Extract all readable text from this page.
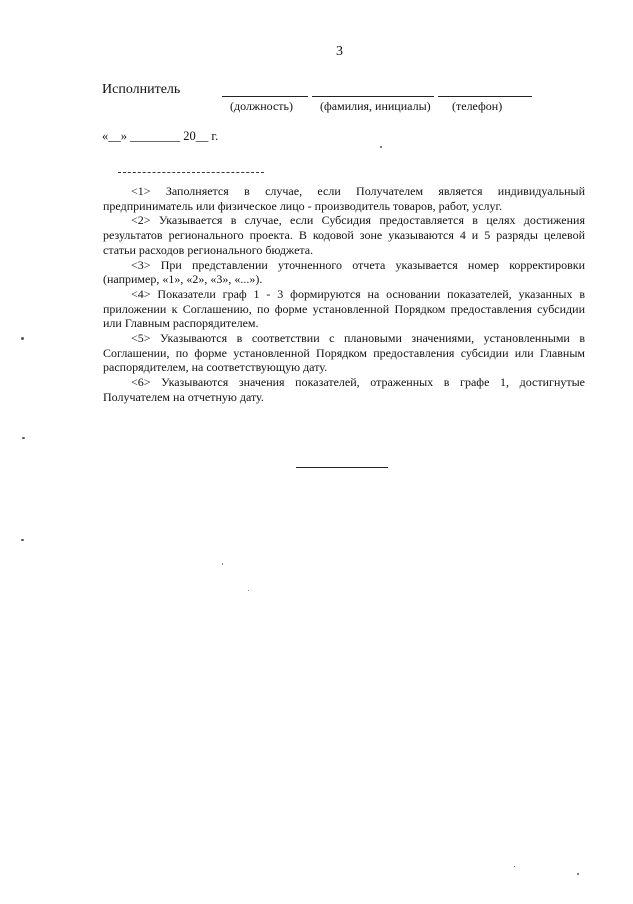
3
Исполнитель
(должность) (фамилия, инициалы) (телефон)
«__» ________ 20__ г.

<1> Заполняется в случае, если Получателем является индивидуальный предприниматель или физическое лицо - производитель товаров, работ, услуг.

<2> Указывается в случае, если Субсидия предоставляется в целях достижения результатов регионального проекта. В кодовой зоне указываются 4 и 5 разряды целевой статьи расходов регионального бюджета.

<3> При представлении уточненного отчета указывается номер корректировки (например, «1», «2», «3», «...»).

<4> Показатели граф 1 - 3 формируются на основании показателей, указанных в приложении к Соглашению, по форме установленной Порядком предоставления субсидии или Главным распорядителем.

<5> Указываются в соответствии с плановыми значениями, установленными в Соглашении, по форме установленной Порядком предоставления субсидии или Главным распорядителем, на соответствующую дату.

<6> Указываются значения показателей, отраженных в графе 1, достигнутые Получателем на отчетную дату.
